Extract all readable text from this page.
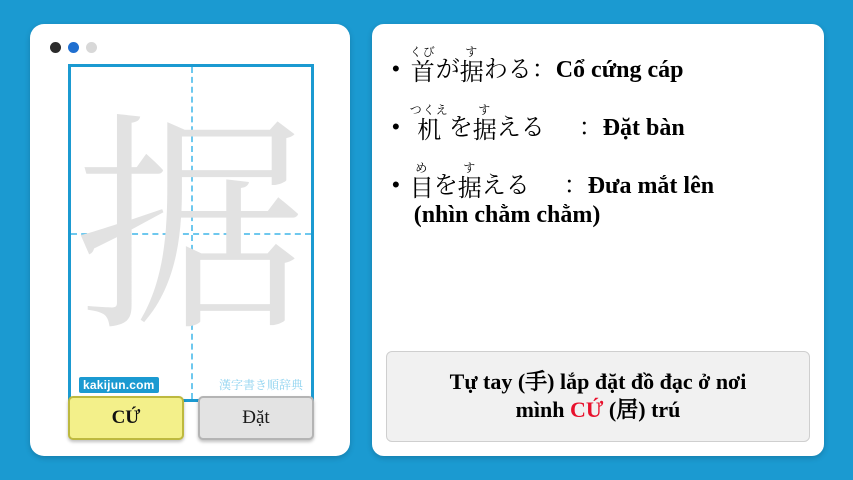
据
kakijun.com	漢字書き順辞典
CỨ	Đặt
•
くび
首 が
す
据 わる： Cổ cứng cáp
•
つくえ
机 を
す
据 える ： Đặt bàn
•
め
目 を
す
据 える ： Đưa mắt lên
(nhìn chằm chằm)
Tự tay (手) lắp đặt đồ đạc ở nơi
mình CỨ (居) trú
